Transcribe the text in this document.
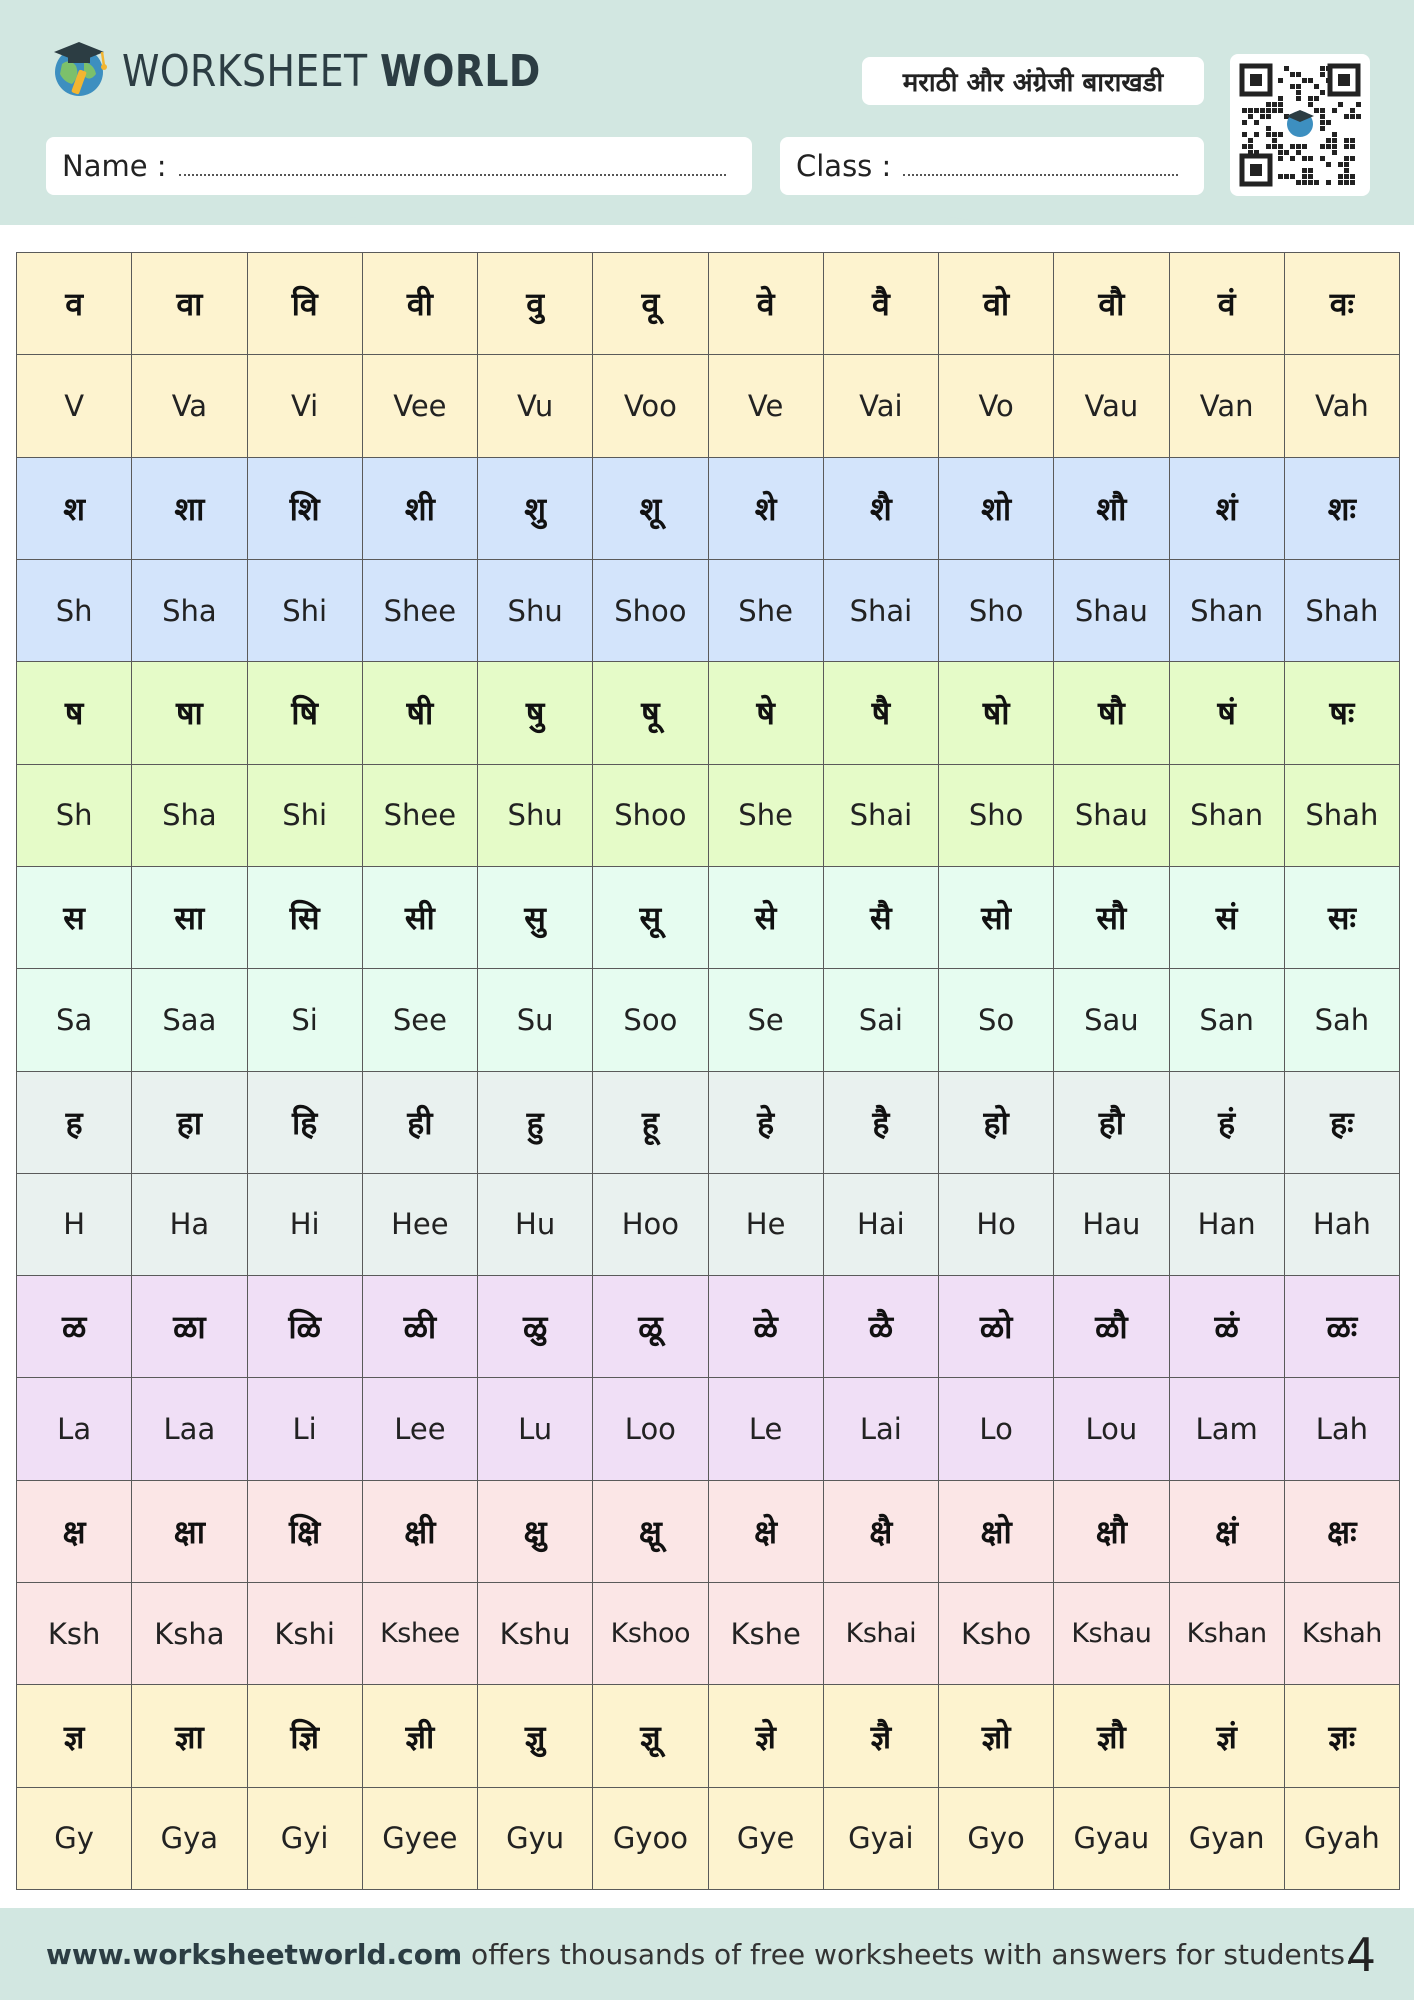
WORKSHEET WORLD	मराठी और अंग्रेजी बाराखडी
Name :	Class :
व	वा	वि	वी	वु	वू	वे	वै	वो	वौ	वं	वः
V	Va	Vi	Vee	Vu	Voo	Ve	Vai	Vo	Vau	Van	Vah
श	शा	शि	शी	शु	शू	शे	शै	शो	शौ	शं	शः
Sh	Sha	Shi	Shee	Shu	Shoo	She	Shai	Sho	Shau	Shan	Shah
ष	षा	षि	षी	षु	षू	षे	षै	षो	षौ	षं	षः
Sh	Sha	Shi	Shee	Shu	Shoo	She	Shai	Sho	Shau	Shan	Shah
स	सा	सि	सी	सु	सू	से	सै	सो	सौ	सं	सः
Sa	Saa	Si	See	Su	Soo	Se	Sai	So	Sau	San	Sah
ह	हा	हि	ही	हु	हू	हे	है	हो	हौ	हं	हः
H	Ha	Hi	Hee	Hu	Hoo	He	Hai	Ho	Hau	Han	Hah
ळ	ळा	ळि	ळी	ळु	ळू	ळे	ळै	ळो	ळौ	ळं	ळः
La	Laa	Li	Lee	Lu	Loo	Le	Lai	Lo	Lou	Lam	Lah
क्ष	क्षा	क्षि	क्षी	क्षु	क्षू	क्षे	क्षै	क्षो	क्षौ	क्षं	क्षः
Ksh	Ksha	Kshi	Kshee	Kshu	Kshoo	Kshe	Kshai	Ksho	Kshau	Kshan	Kshah
ज्ञ	ज्ञा	ज्ञि	ज्ञी	ज्ञु	ज्ञू	ज्ञे	ज्ञै	ज्ञो	ज्ञौ	ज्ञं	ज्ञः
Gy	Gya	Gyi	Gyee	Gyu	Gyoo	Gye	Gyai	Gyo	Gyau	Gyan	Gyah
www.worksheetworld.com offers thousands of free worksheets with answers for students.
4
